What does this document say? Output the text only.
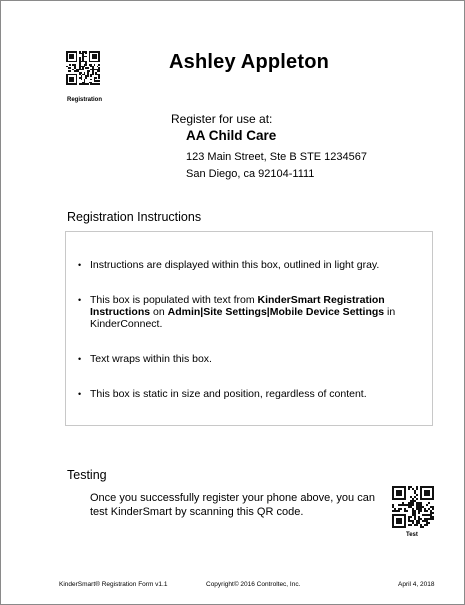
Registration
Ashley Appleton
Register for use at:
AA Child Care
123 Main Street, Ste B STE 1234567
San Diego, ca 92104-1111
Registration Instructions
• Instructions are displayed within this box, outlined in light gray.
• This box is populated with text from KinderSmart Registration Instructions on Admin|Site Settings|Mobile Device Settings in KinderConnect.
• Text wraps within this box.
• This box is static in size and position, regardless of content.
Testing
Once you successfully register your phone above, you can test KinderSmart by scanning this QR code.
Test
KinderSmart® Registration Form v1.1	Copyright© 2016 Controltec, Inc.	April 4, 2018
